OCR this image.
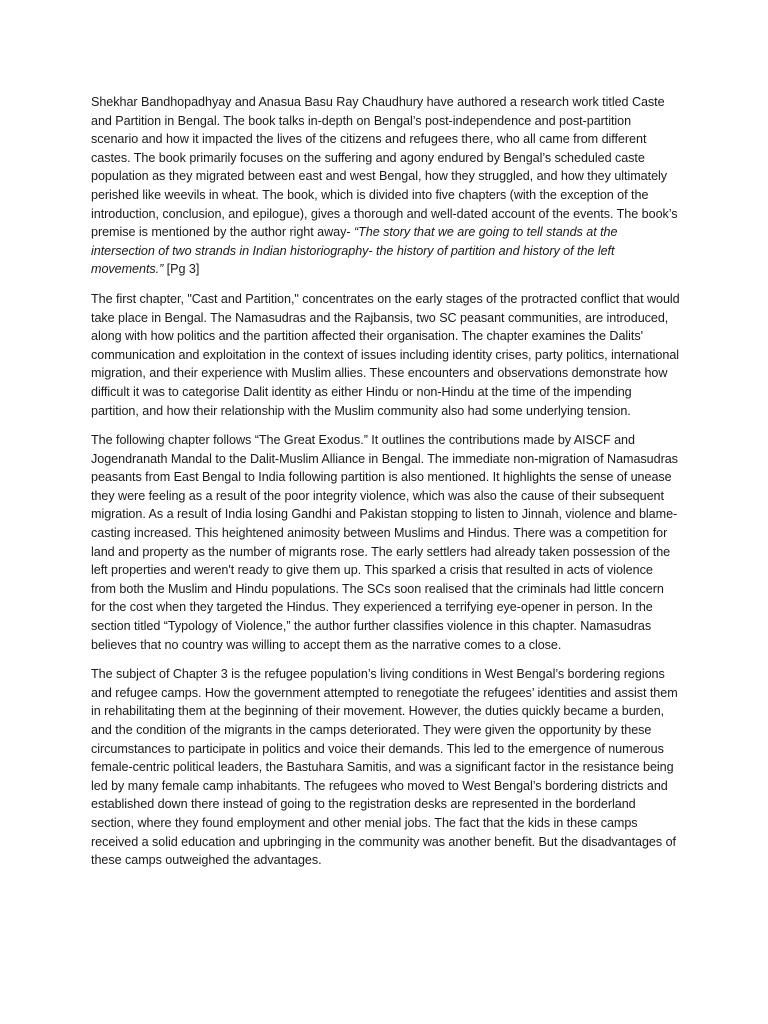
Shekhar Bandhopadhyay and Anasua Basu Ray Chaudhury have authored a research work titled Caste and Partition in Bengal. The book talks in-depth on Bengal’s post-independence and post-partition scenario and how it impacted the lives of the citizens and refugees there, who all came from different castes. The book primarily focuses on the suffering and agony endured by Bengal’s scheduled caste population as they migrated between east and west Bengal, how they struggled, and how they ultimately perished like weevils in wheat. The book, which is divided into five chapters (with the exception of the introduction, conclusion, and epilogue), gives a thorough and well-dated account of the events. The book’s premise is mentioned by the author right away- “The story that we are going to tell stands at the intersection of two strands in Indian historiography- the history of partition and history of the left movements.” [Pg 3]

The first chapter, "Cast and Partition," concentrates on the early stages of the protracted conflict that would take place in Bengal. The Namasudras and the Rajbansis, two SC peasant communities, are introduced, along with how politics and the partition affected their organisation. The chapter examines the Dalits' communication and exploitation in the context of issues including identity crises, party politics, international migration, and their experience with Muslim allies. These encounters and observations demonstrate how difficult it was to categorise Dalit identity as either Hindu or non-Hindu at the time of the impending partition, and how their relationship with the Muslim community also had some underlying tension.

The following chapter follows “The Great Exodus.” It outlines the contributions made by AISCF and Jogendranath Mandal to the Dalit-Muslim Alliance in Bengal. The immediate non-migration of Namasudras peasants from East Bengal to India following partition is also mentioned. It highlights the sense of unease they were feeling as a result of the poor integrity violence, which was also the cause of their subsequent migration. As a result of India losing Gandhi and Pakistan stopping to listen to Jinnah, violence and blame-casting increased. This heightened animosity between Muslims and Hindus. There was a competition for land and property as the number of migrants rose. The early settlers had already taken possession of the left properties and weren't ready to give them up. This sparked a crisis that resulted in acts of violence from both the Muslim and Hindu populations. The SCs soon realised that the criminals had little concern for the cost when they targeted the Hindus. They experienced a terrifying eye-opener in person. In the section titled “Typology of Violence,” the author further classifies violence in this chapter. Namasudras believes that no country was willing to accept them as the narrative comes to a close.

The subject of Chapter 3 is the refugee population’s living conditions in West Bengal’s bordering regions and refugee camps. How the government attempted to renegotiate the refugees’ identities and assist them in rehabilitating them at the beginning of their movement. However, the duties quickly became a burden, and the condition of the migrants in the camps deteriorated. They were given the opportunity by these circumstances to participate in politics and voice their demands. This led to the emergence of numerous female-centric political leaders, the Bastuhara Samitis, and was a significant factor in the resistance being led by many female camp inhabitants. The refugees who moved to West Bengal’s bordering districts and established down there instead of going to the registration desks are represented in the borderland section, where they found employment and other menial jobs. The fact that the kids in these camps received a solid education and upbringing in the community was another benefit. But the disadvantages of these camps outweighed the advantages.
